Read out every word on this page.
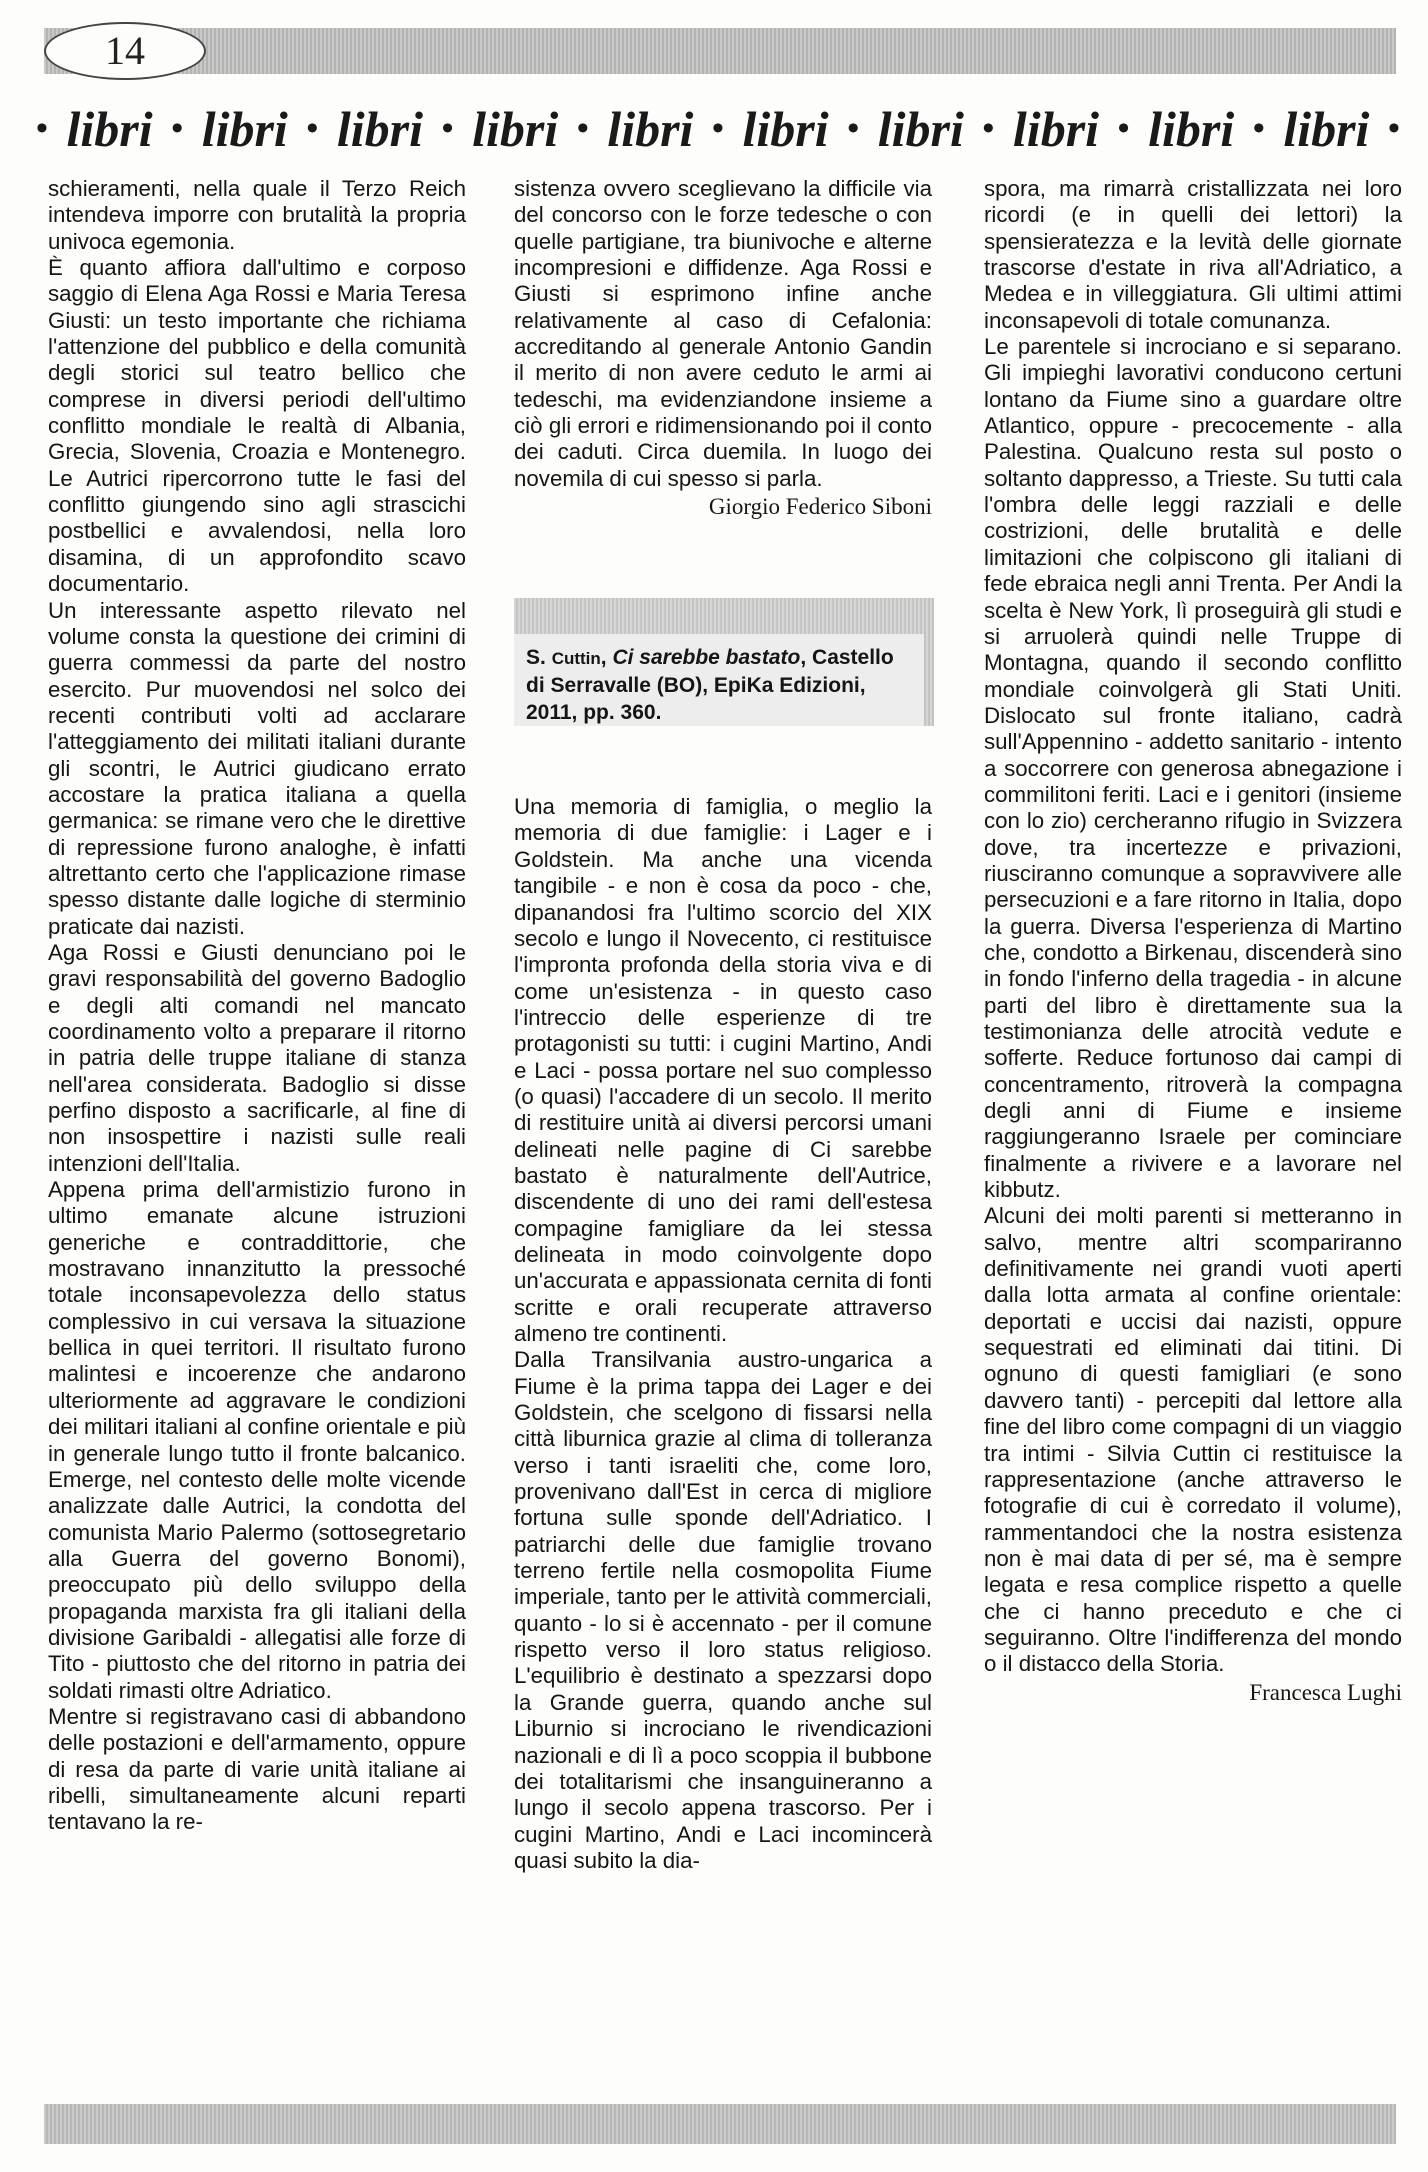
14
• libri • libri • libri • libri • libri • libri • libri • libri • libri • libri •

schieramenti, nella quale il Terzo Reich intendeva imporre con brutalità la propria univoca egemonia.

È quanto affiora dall'ultimo e corposo saggio di Elena Aga Rossi e Maria Teresa Giusti: un testo importante che richiama l'attenzione del pubblico e della comunità degli storici sul teatro bellico che comprese in diversi periodi dell'ultimo conflitto mondiale le realtà di Albania, Grecia, Slovenia, Croazia e Montenegro. Le Autrici ripercorrono tutte le fasi del conflitto giungendo sino agli strascichi postbellici e avvalendosi, nella loro disamina, di un approfondito scavo documentario.

Un interessante aspetto rilevato nel volume consta la questione dei crimini di guerra commessi da parte del nostro esercito. Pur muovendosi nel solco dei recenti contributi volti ad acclarare l'atteggiamento dei militati italiani durante gli scontri, le Autrici giudicano errato accostare la pratica italiana a quella germanica: se rimane vero che le direttive di repressione furono analoghe, è infatti altrettanto certo che l'applicazione rimase spesso distante dalle logiche di sterminio praticate dai nazisti.

Aga Rossi e Giusti denunciano poi le gravi responsabilità del governo Badoglio e degli alti comandi nel mancato coordinamento volto a preparare il ritorno in patria delle truppe italiane di stanza nell'area considerata. Badoglio si disse perfino disposto a sacrificarle, al fine di non insospettire i nazisti sulle reali intenzioni dell'Italia.

Appena prima dell'armistizio furono in ultimo emanate alcune istruzioni generiche e contraddittorie, che mostravano innanzitutto la pressoché totale inconsapevolezza dello status complessivo in cui versava la situazione bellica in quei territori. Il risultato furono malintesi e incoerenze che andarono ulteriormente ad aggravare le condizioni dei militari italiani al confine orientale e più in generale lungo tutto il fronte balcanico. Emerge, nel contesto delle molte vicende analizzate dalle Autrici, la condotta del comunista Mario Palermo (sottosegretario alla Guerra del governo Bonomi), preoccupato più dello sviluppo della propaganda marxista fra gli italiani della divisione Garibaldi - allegatisi alle forze di Tito - piuttosto che del ritorno in patria dei soldati rimasti oltre Adriatico.

Mentre si registravano casi di abbandono delle postazioni e dell'armamento, oppure di resa da parte di varie unità italiane ai ribelli, simultaneamente alcuni reparti tentavano la re-

sistenza ovvero sceglievano la difficile via del concorso con le forze tedesche o con quelle partigiane, tra biunivoche e alterne incompresioni e diffidenze. Aga Rossi e Giusti si esprimono infine anche relativamente al caso di Cefalonia: accreditando al generale Antonio Gandin il merito di non avere ceduto le armi ai tedeschi, ma evidenziandone insieme a ciò gli errori e ridimensionando poi il conto dei caduti. Circa duemila. In luogo dei novemila di cui spesso si parla.

Giorgio Federico Siboni

S. Cuttin, Ci sarebbe bastato, Castello di Serravalle (BO), EpiKa Edizioni, 2011, pp. 360.

Una memoria di famiglia, o meglio la memoria di due famiglie: i Lager e i Goldstein. Ma anche una vicenda tangibile - e non è cosa da poco - che, dipanandosi fra l'ultimo scorcio del XIX secolo e lungo il Novecento, ci restituisce l'impronta profonda della storia viva e di come un'esistenza - in questo caso l'intreccio delle esperienze di tre protagonisti su tutti: i cugini Martino, Andi e Laci - possa portare nel suo complesso (o quasi) l'accadere di un secolo. Il merito di restituire unità ai diversi percorsi umani delineati nelle pagine di Ci sarebbe bastato è naturalmente dell'Autrice, discendente di uno dei rami dell'estesa compagine famigliare da lei stessa delineata in modo coinvolgente dopo un'accurata e appassionata cernita di fonti scritte e orali recuperate attraverso almeno tre continenti.

Dalla Transilvania austro-ungarica a Fiume è la prima tappa dei Lager e dei Goldstein, che scelgono di fissarsi nella città liburnica grazie al clima di tolleranza verso i tanti israeliti che, come loro, provenivano dall'Est in cerca di migliore fortuna sulle sponde dell'Adriatico. I patriarchi delle due famiglie trovano terreno fertile nella cosmopolita Fiume imperiale, tanto per le attività commerciali, quanto - lo si è accennato - per il comune rispetto verso il loro status religioso. L'equilibrio è destinato a spezzarsi dopo la Grande guerra, quando anche sul Liburnio si incrociano le rivendicazioni nazionali e di lì a poco scoppia il bubbone dei totalitarismi che insanguineranno a lungo il secolo appena trascorso. Per i cugini Martino, Andi e Laci incomincerà quasi subito la dia-

spora, ma rimarrà cristallizzata nei loro ricordi (e in quelli dei lettori) la spensieratezza e la levità delle giornate trascorse d'estate in riva all'Adriatico, a Medea e in villeggiatura. Gli ultimi attimi inconsapevoli di totale comunanza.

Le parentele si incrociano e si separano. Gli impieghi lavorativi conducono certuni lontano da Fiume sino a guardare oltre Atlantico, oppure - precocemente - alla Palestina. Qualcuno resta sul posto o soltanto dappresso, a Trieste. Su tutti cala l'ombra delle leggi razziali e delle costrizioni, delle brutalità e delle limitazioni che colpiscono gli italiani di fede ebraica negli anni Trenta. Per Andi la scelta è New York, lì proseguirà gli studi e si arruolerà quindi nelle Truppe di Montagna, quando il secondo conflitto mondiale coinvolgerà gli Stati Uniti. Dislocato sul fronte italiano, cadrà sull'Appennino - addetto sanitario - intento a soccorrere con generosa abnegazione i commilitoni feriti. Laci e i genitori (insieme con lo zio) cercheranno rifugio in Svizzera dove, tra incertezze e privazioni, riusciranno comunque a sopravvivere alle persecuzioni e a fare ritorno in Italia, dopo la guerra. Diversa l'esperienza di Martino che, condotto a Birkenau, discenderà sino in fondo l'inferno della tragedia - in alcune parti del libro è direttamente sua la testimonianza delle atrocità vedute e sofferte. Reduce fortunoso dai campi di concentramento, ritroverà la compagna degli anni di Fiume e insieme raggiungeranno Israele per cominciare finalmente a rivivere e a lavorare nel kibbutz.

Alcuni dei molti parenti si metteranno in salvo, mentre altri scompariranno definitivamente nei grandi vuoti aperti dalla lotta armata al confine orientale: deportati e uccisi dai nazisti, oppure sequestrati ed eliminati dai titini. Di ognuno di questi famigliari (e sono davvero tanti) - percepiti dal lettore alla fine del libro come compagni di un viaggio tra intimi - Silvia Cuttin ci restituisce la rappresentazione (anche attraverso le fotografie di cui è corredato il volume), rammentandoci che la nostra esistenza non è mai data di per sé, ma è sempre legata e resa complice rispetto a quelle che ci hanno preceduto e che ci seguiranno. Oltre l'indifferenza del mondo o il distacco della Storia.

Francesca Lughi
